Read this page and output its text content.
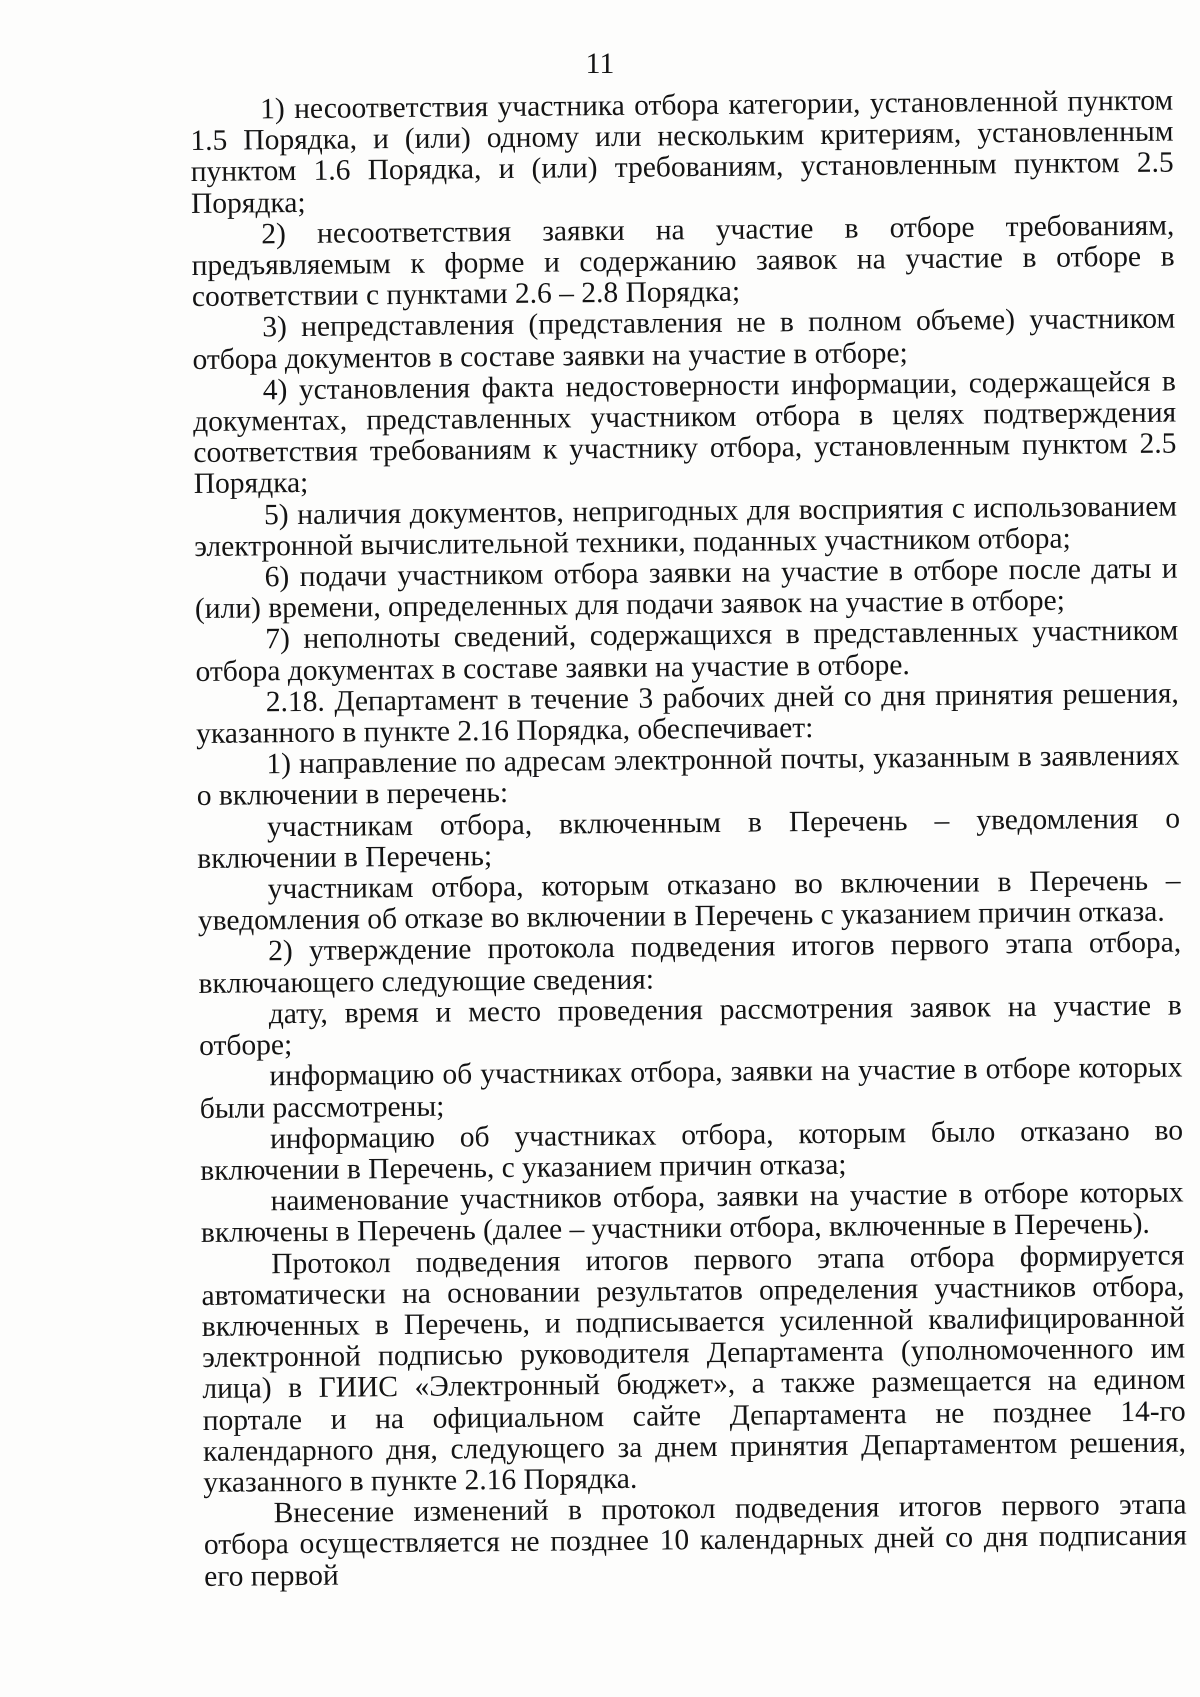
11

1) несоответствия участника отбора категории, установленной пунктом 1.5 Порядка, и (или) одному или нескольким критериям, установленным пунктом 1.6 Порядка, и (или) требованиям, установленным пунктом 2.5 Порядка;

2) несоответствия заявки на участие в отборе требованиям, предъявляемым к форме и содержанию заявок на участие в отборе в соответствии с пунктами 2.6 – 2.8 Порядка;

3) непредставления (представления не в полном объеме) участником отбора документов в составе заявки на участие в отборе;

4) установления факта недостоверности информации, содержащейся в документах, представленных участником отбора в целях подтверждения соответствия требованиям к участнику отбора, установленным пунктом 2.5 Порядка;

5) наличия документов, непригодных для восприятия с использованием электронной вычислительной техники, поданных участником отбора;

6) подачи участником отбора заявки на участие в отборе после даты и (или) времени, определенных для подачи заявок на участие в отборе;

7) неполноты сведений, содержащихся в представленных участником отбора документах в составе заявки на участие в отборе.

2.18. Департамент в течение 3 рабочих дней со дня принятия решения, указанного в пункте 2.16 Порядка, обеспечивает:

1) направление по адресам электронной почты, указанным в заявлениях о включении в перечень:

участникам отбора, включенным в Перечень – уведомления о включении в Перечень;

участникам отбора, которым отказано во включении в Перечень – уведомления об отказе во включении в Перечень с указанием причин отказа.

2) утверждение протокола подведения итогов первого этапа отбора, включающего следующие сведения:

дату, время и место проведения рассмотрения заявок на участие в отборе;

информацию об участниках отбора, заявки на участие в отборе которых были рассмотрены;

информацию об участниках отбора, которым было отказано во включении в Перечень, с указанием причин отказа;

наименование участников отбора, заявки на участие в отборе которых включены в Перечень (далее – участники отбора, включенные в Перечень).

Протокол подведения итогов первого этапа отбора формируется автоматически на основании результатов определения участников отбора, включенных в Перечень, и подписывается усиленной квалифицированной электронной подписью руководителя Департамента (уполномоченного им лица) в ГИИС «Электронный бюджет», а также размещается на едином портале и на официальном сайте Департамента не позднее 14-го календарного дня, следующего за днем принятия Департаментом решения, указанного в пункте 2.16 Порядка.

Внесение изменений в протокол подведения итогов первого этапа отбора осуществляется не позднее 10 календарных дней со дня подписания его первой
